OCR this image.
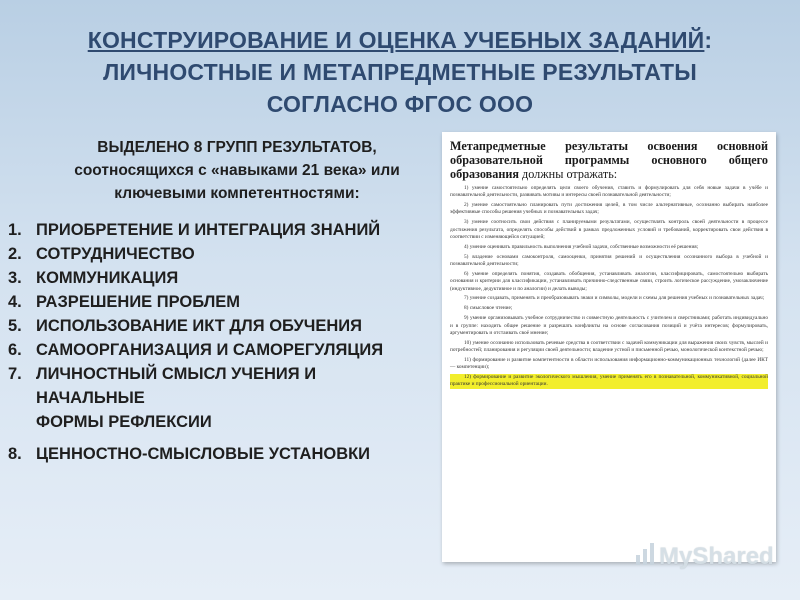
КОНСТРУИРОВАНИЕ И ОЦЕНКА УЧЕБНЫХ ЗАДАНИЙ:
ЛИЧНОСТНЫЕ И МЕТАПРЕДМЕТНЫЕ РЕЗУЛЬТАТЫ
СОГЛАСНО ФГОС ООО
ВЫДЕЛЕНО 8 ГРУПП РЕЗУЛЬТАТОВ,
соотносящихся с «навыками 21 века» или
ключевыми компетентностями:
1. ПРИОБРЕТЕНИЕ И ИНТЕГРАЦИЯ ЗНАНИЙ
2. СОТРУДНИЧЕСТВО
3. КОММУНИКАЦИЯ
4. РАЗРЕШЕНИЕ ПРОБЛЕМ
5. ИСПОЛЬЗОВАНИЕ ИКТ ДЛЯ ОБУЧЕНИЯ
6. САМООРГАНИЗАЦИЯ И САМОРЕГУЛЯЦИЯ
7. ЛИЧНОСТНЫЙ СМЫСЛ УЧЕНИЯ И НАЧАЛЬНЫЕ
ФОРМЫ РЕФЛЕКСИИ
8. ЦЕННОСТНО-СМЫСЛОВЫЕ УСТАНОВКИ
Метапредметные результаты освоения основной образовательной программы основного общего образования должны отражать:

1) умение самостоятельно определять цели своего обучения, ставить и формулировать для себя новые задачи в учёбе и познавательной деятельности, развивать мотивы и интересы своей познавательной деятельности;

2) умение самостоятельно планировать пути достижения целей, в том числе альтернативные, осознанно выбирать наиболее эффективные способы решения учебных и познавательных задач;

3) умение соотносить свои действия с планируемыми результатами, осуществлять контроль своей деятельности в процессе достижения результата, определять способы действий в рамках предложенных условий и требований, корректировать свои действия в соответствии с изменяющейся ситуацией;

4) умение оценивать правильность выполнения учебной задачи, собственные возможности её решения;

5) владение основами самоконтроля, самооценки, принятия решений и осуществления осознанного выбора в учебной и познавательной деятельности;

6) умение определять понятия, создавать обобщения, устанавливать аналогии, классифицировать, самостоятельно выбирать основания и критерии для классификации, устанавливать причинно-следственные связи, строить логическое рассуждение, умозаключение (индуктивное, дедуктивное и по аналогии) и делать выводы;

7) умение создавать, применять и преобразовывать знаки и символы, модели и схемы для решения учебных и познавательных задач;

8) смысловое чтение;

9) умение организовывать учебное сотрудничество и совместную деятельность с учителем и сверстниками; работать индивидуально и в группе: находить общее решение и разрешать конфликты на основе согласования позиций и учёта интересов; формулировать, аргументировать и отстаивать своё мнение;

10) умение осознанно использовать речевые средства в соответствии с задачей коммуникации для выражения своих чувств, мыслей и потребностей; планирования и регуляции своей деятельности; владение устной и письменной речью, монологической контекстной речью;

11) формирование и развитие компетентности в области использования информационно-коммуникационных технологий (далее ИКТ— компетенции);

12) формирование и развитие экологического мышления, умение применять его в познавательной, коммуникативной, социальной практике и профессиональной ориентации.

MyShared
